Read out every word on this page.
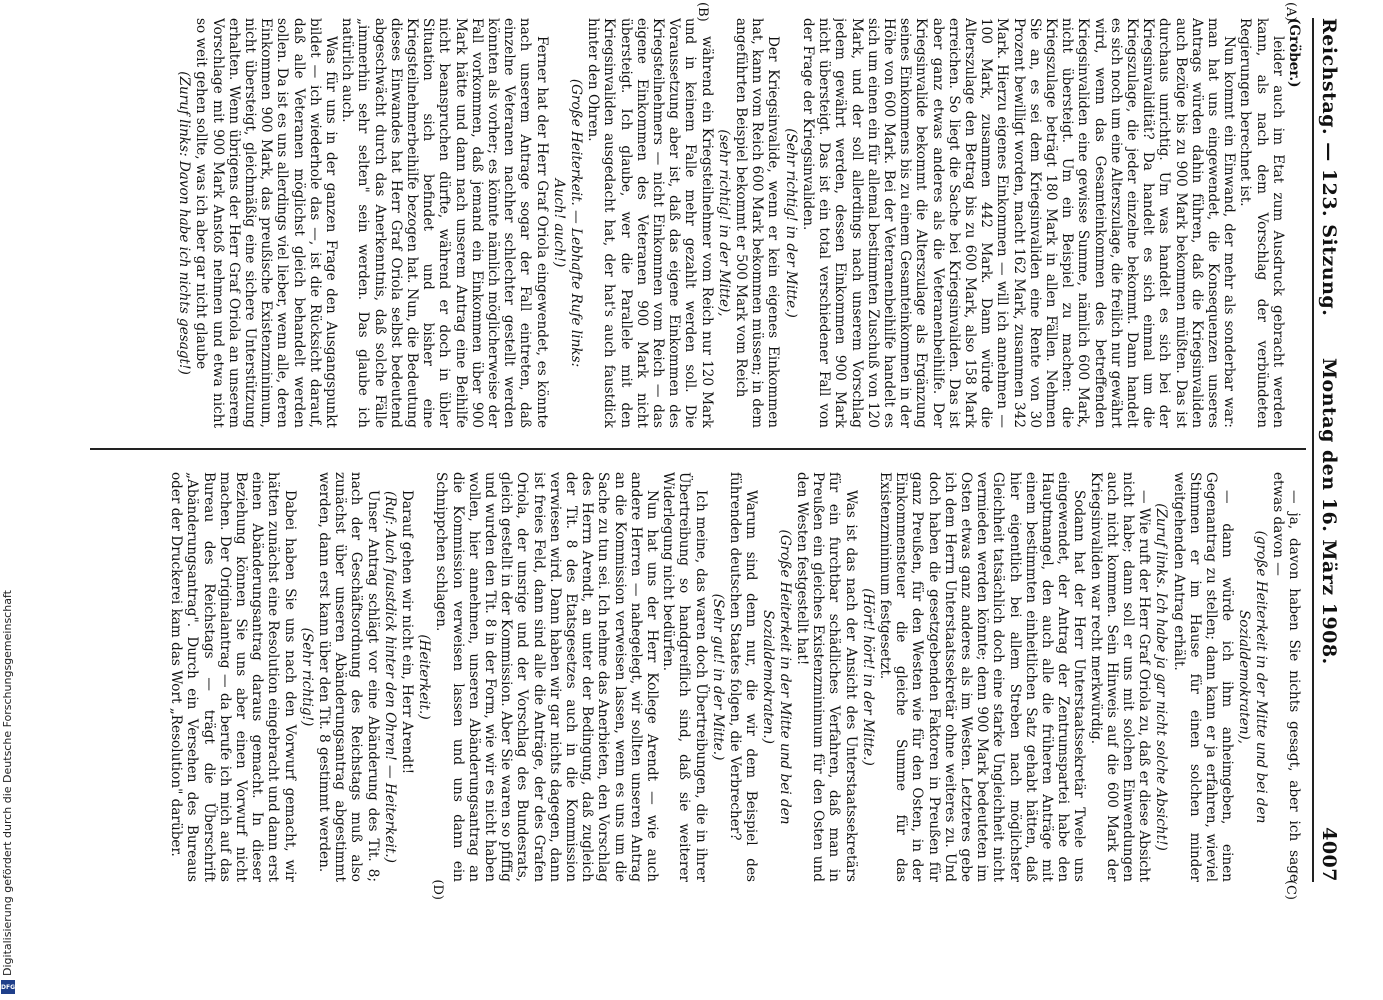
Reichstag. — 123. Sitzung.
Montag den 16. März 1908.
4007
(A)
(B)
(C)
(D)

(Gröber.)

leider auch im Etat zum Ausdruck gebracht werden kann, als nach dem Vorschlag der verbündeten Regierungen berechnet ist.

Nun kommt ein Einwand, der mehr als sonderbar war: man hat uns eingewendet, die Konsequenzen unseres Antrags würden dahin führen, daß die Kriegsinvaliden auch Bezüge bis zu 900 Mark bekommen müßten. Das ist durchaus unrichtig. Um was handelt es sich bei der Kriegsinvalidität? Da handelt es sich einmal um die Kriegszulage, die jeder einzelne bekommt. Dann handelt es sich noch um eine Alterszulage, die freilich nur gewährt wird, wenn das Gesamteinkommen des betreffenden Kriegsinvaliden eine gewisse Summe, nämlich 600 Mark, nicht übersteigt. Um ein Beispiel zu machen: die Kriegszulage beträgt 180 Mark in allen Fällen. Nehmen Sie an, es sei dem Kriegsinvaliden eine Rente von 30 Prozent bewilligt worden, macht 162 Mark, zusammen 342 Mark. Hierzu eigenes Einkommen — will ich annehmen — 100 Mark, zusammen 442 Mark. Dann würde die Alterszulage den Betrag bis zu 600 Mark, also 158 Mark erreichen. So liegt die Sache bei Kriegsinvaliden. Das ist aber ganz etwas anderes als die Veteranenbeihilfe. Der Kriegsinvalide bekommt die Alterszulage als Ergänzung seines Einkommens bis zu einem Gesamteinkommen in der Höhe von 600 Mark. Bei der Veteranenbeihilfe handelt es sich um einen ein für allemal bestimmten Zuschuß von 120 Mark, und der soll allerdings nach unserem Vorschlag jedem gewährt werden, dessen Einkommen 900 Mark nicht übersteigt. Das ist ein total verschiedener Fall von der Frage der Kriegsinvaliden.

(Sehr richtig! in der Mitte.)

Der Kriegsinvalide, wenn er kein eigenes Einkommen hat, kann vom Reich 600 Mark bekommen müssen; in dem angeführten Beispiel bekommt er 500 Mark vom Reich

(sehr richtig! in der Mitte),

während ein Kriegsteilnehmer vom Reich nur 120 Mark und in keinem Falle mehr gezahlt werden soll. Die Voraussetzung aber ist, daß das eigene Einkommen des Kriegsteilnehmers — nicht Einkommen vom Reich — das eigene Einkommen des Veteranen 900 Mark nicht übersteigt. Ich glaube, wer die Parallele mit den Kriegsinvaliden ausgedacht hat, der hat's auch faustdick hinter den Ohren.

(Große Heiterkeit. — Lebhafte Rufe links:

Auch! auch!)

Ferner hat der Herr Graf Oriola eingewendet, es könnte nach unserem Antrage sogar der Fall eintreten, daß einzelne Veteranen nachher schlechter gestellt werden könnten als vorher; es könnte nämlich möglicherweise der Fall vorkommen, daß jemand ein Einkommen über 900 Mark hätte und dann nach unserem Antrag eine Beihilfe nicht beanspruchen dürfte, während er doch in übler Situation sich befindet und bisher eine Kriegsteilnehmerbeihilfe bezogen hat. Nun, die Bedeutung dieses Einwandes hat Herr Graf Oriola selbst bedeutend abgeschwächt durch das Anerkenntnis, daß solche Fälle „immerhin sehr selten" sein werden. Das glaube ich natürlich auch.

Was für uns in der ganzen Frage den Ausgangspunkt bildet — ich wiederhole das —, ist die Rücksicht darauf, daß alle Veteranen möglichst gleich behandelt werden sollen. Da ist es uns allerdings viel lieber, wenn alle, deren Einkommen 900 Mark, das preußische Existenzminimum, nicht übersteigt, gleichmäßig eine sichere Unterstützung erhalten. Wenn übrigens der Herr Graf Oriola an unserem Vorschlage mit 900 Mark Anstoß nehmen und etwa nicht so weit gehen sollte, was ich aber gar nicht glaube

(Zuruf links: Davon habe ich nichts gesagt!)

— ja, davon haben Sie nichts gesagt, aber ich sage etwas davon —

(große Heiterkeit in der Mitte und bei den Sozialdemokraten),

— dann würde ich ihm anheimgeben, einen Gegenantrag zu stellen; dann kann er ja erfahren, wieviel Stimmen er im Hause für einen solchen minder weitgehenden Antrag erhält.

(Zuruf links. Ich habe ja gar nicht solche Absicht!)

— Wie ruft der Herr Graf Oriola zu, daß er diese Absicht nicht habe; dann soll er uns mit solchen Einwendungen auch nicht kommen. Sein Hinweis auf die 600 Mark der Kriegsinvaliden war recht merkwürdig.

Sodann hat der Herr Unterstaatssekretär Twele uns eingewendet, der Antrag der Zentrumspartei habe den Hauptmangel, den auch alle die früheren Anträge mit einem bestimmten einheitlichen Satz gehabt hätten, daß hier eigentlich bei allem Streben nach möglichster Gleichheit tatsächlich doch eine starke Ungleichheit nicht vermieden werden könnte; denn 900 Mark bedeuteten im Osten etwas ganz anderes als im Westen. Letzteres gebe ich dem Herrn Unterstaatssekretär ohne weiteres zu. Und doch haben die gesetzgebenden Faktoren in Preußen für ganz Preußen, für den Westen wie für den Osten, in der Einkommensteuer die gleiche Summe für das Existenzminimum festgesetzt.

(Hört! hört! in der Mitte.)

Was ist das nach der Ansicht des Unterstaatssekretärs für ein furchtbar schädliches Verfahren, daß man in Preußen ein gleiches Existenzminimum für den Osten und den Westen festgestellt hat!

(Große Heiterkeit in der Mitte und bei den Sozialdemokraten.)

Warum sind denn nur, die wir dem Beispiel des führenden deutschen Staates folgen, die Verbrecher?

(Sehr gut! in der Mitte.)

Ich meine, das waren doch Übertreibungen, die in ihrer Übertreibung so handgreiflich sind, daß sie weiterer Widerlegung nicht bedürfen.

Nun hat uns der Herr Kollege Arendt — wie auch andere Herren — nahegelegt, wir sollten unseren Antrag an die Kommission verweisen lassen, wenn es uns um die Sache zu tun sei. Ich nehme das Anerbieten, den Vorschlag des Herrn Arendt, an unter der Bedingung, daß zugleich der Tit. 8 des Etatsgesetzes auch in die Kommission verwiesen wird. Dann haben wir gar nichts dagegen, dann ist freies Feld, dann sind alle die Anträge, der des Grafen Oriola, der unsrige und der Vorschlag des Bundesrats, gleich gestellt in der Kommission. Aber Sie waren so pfiffig und wurden den Tit. 8 in der Form, wie wir es nicht haben wollen, hier annehmen, unseren Abänderungsantrag an die Kommission verweisen lassen und uns dann ein Schnippchen schlagen.

(Heiterkeit.)

Darauf gehen wir nicht ein, Herr Arendt!

(Ruf: Auch faustdick hinter den Ohren! — Heiterkeit.)

Unser Antrag schlägt vor eine Abänderung des Tit. 8; nach der Geschäftsordnung des Reichstags muß also zunächst über unseren Abänderungsantrag abgestimmt werden, dann erst kann über den Tit. 8 gestimmt werden.

(Sehr richtig!)

Dabei haben Sie uns nach den Vorwurf gemacht, wir hätten zunächst eine Resolution eingebracht und dann erst einen Abänderungsantrag daraus gemacht. In dieser Beziehung können Sie uns aber einen Vorwurf nicht machen. Der Originalantrag — da berufe ich mich auf das Bureau des Reichstags — trägt die Überschrift „Abänderungsantrag". Durch ein Versehen des Bureaus oder der Druckerei kam das Wort „Resolution" darüber.

Digitalisierung gefördert durch die Deutsche Forschungsgemeinschaft
DFG
